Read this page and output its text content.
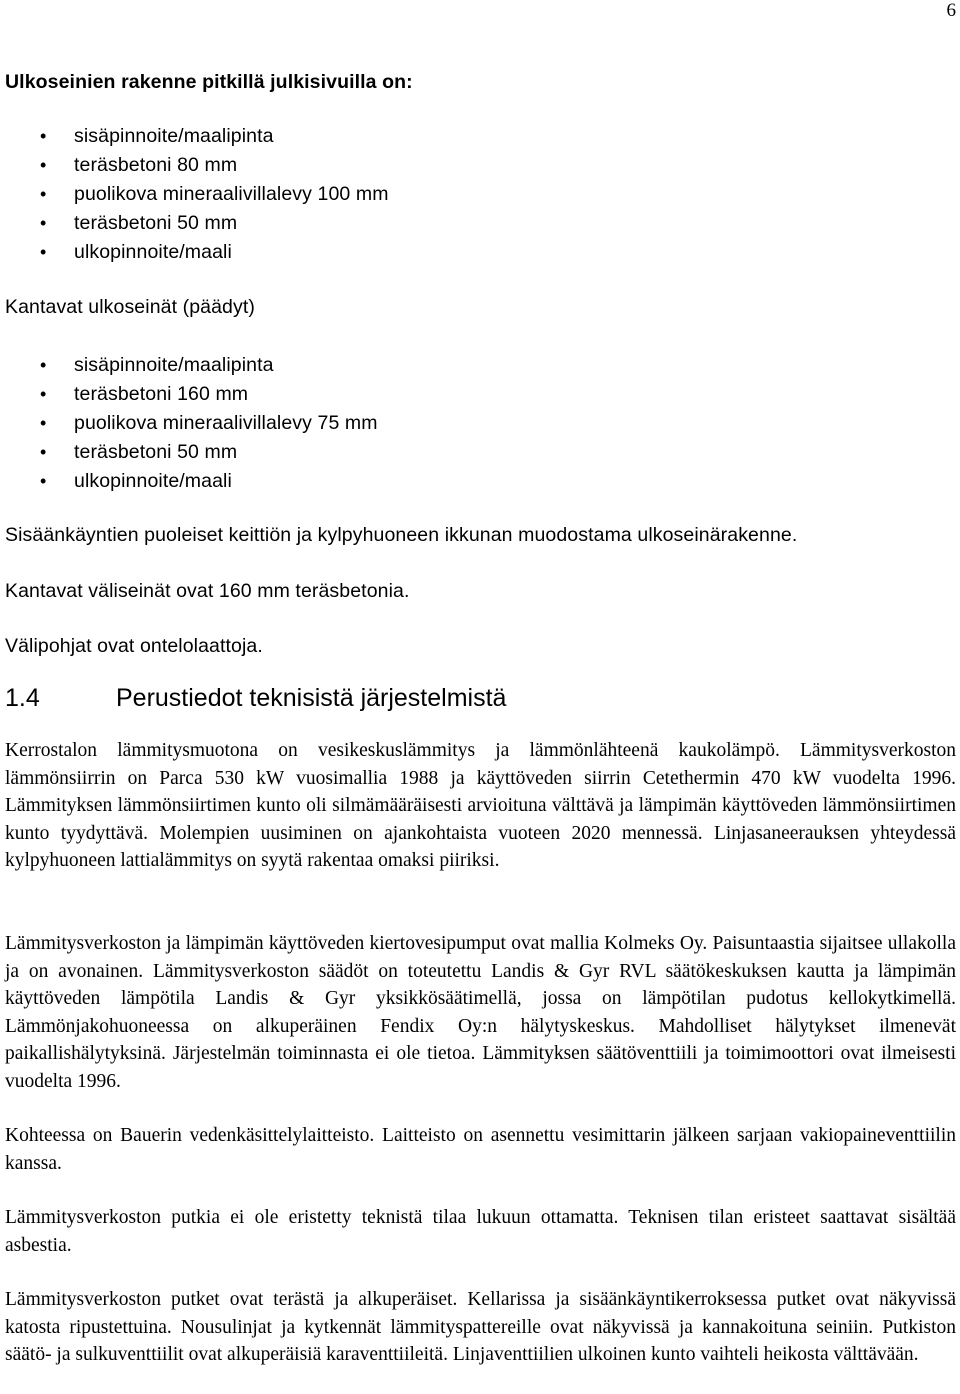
6
Ulkoseinien rakenne pitkillä julkisivuilla on:
• sisäpinnoite/maalipinta
• teräsbetoni 80 mm
• puolikova mineraalivillalevy 100 mm
• teräsbetoni 50 mm
• ulkopinnoite/maali
Kantavat ulkoseinät (päädyt)
• sisäpinnoite/maalipinta
• teräsbetoni 160 mm
• puolikova mineraalivillalevy 75 mm
• teräsbetoni 50 mm
• ulkopinnoite/maali
Sisäänkäyntien puoleiset keittiön ja kylpyhuoneen ikkunan muodostama ulkoseinärakenne.
Kantavat väliseinät ovat 160 mm teräsbetonia.
Välipohjat ovat ontelolaattoja.
1.4	Perustiedot teknisistä järjestelmistä

Kerrostalon lämmitysmuotona on vesikeskuslämmitys ja lämmönlähteenä kaukolämpö. Lämmitysverkoston lämmönsiirrin on Parca 530 kW vuosimallia 1988 ja käyttöveden siirrin Cetethermin 470 kW vuodelta 1996. Lämmityksen lämmönsiirtimen kunto oli silmämääräisesti arvioituna välttävä ja lämpimän käyttöveden lämmönsiirtimen kunto tyydyttävä. Molempien uusiminen on ajankohtaista vuoteen 2020 mennessä. Linjasaneerauksen yhteydessä kylpyhuoneen lattialämmitys on syytä rakentaa omaksi piiriksi.

Lämmitysverkoston ja lämpimän käyttöveden kiertovesipumput ovat mallia Kolmeks Oy. Paisuntaastia sijaitsee ullakolla ja on avonainen. Lämmitysverkoston säädöt on toteutettu Landis & Gyr RVL säätökeskuksen kautta ja lämpimän käyttöveden lämpötila Landis & Gyr yksikkösäätimellä, jossa on lämpötilan pudotus kellokytkimellä. Lämmönjakohuoneessa on alkuperäinen Fendix Oy:n hälytyskeskus. Mahdolliset hälytykset ilmenevät paikallishälytyksinä. Järjestelmän toiminnasta ei ole tietoa. Lämmityksen säätöventtiili ja toimimoottori ovat ilmeisesti vuodelta 1996.

Kohteessa on Bauerin vedenkäsittelylaitteisto. Laitteisto on asennettu vesimittarin jälkeen sarjaan vakiopaineventtiilin kanssa.

Lämmitysverkoston putkia ei ole eristetty teknistä tilaa lukuun ottamatta. Teknisen tilan eristeet saattavat sisältää asbestia.

Lämmitysverkoston putket ovat terästä ja alkuperäiset. Kellarissa ja sisäänkäyntikerroksessa putket ovat näkyvissä katosta ripustettuina. Nousulinjat ja kytkennät lämmityspattereille ovat näkyvissä ja kannakoituna seiniin. Putkiston säätö- ja sulkuventtiilit ovat alkuperäisiä karaventtiileitä. Linjaventtiilien ulkoinen kunto vaihteli heikosta välttävään.
